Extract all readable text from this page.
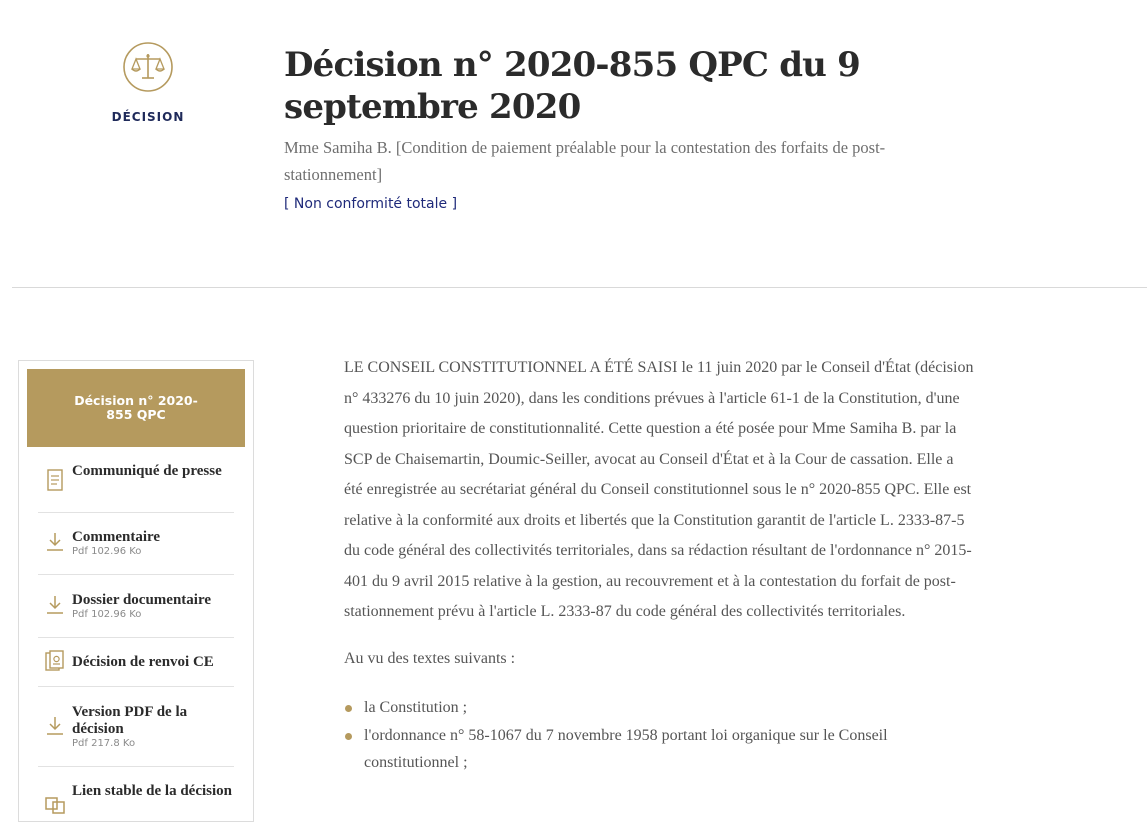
DÉCISION
Décision n° 2020-855 QPC du 9 septembre 2020
Mme Samiha B. [Condition de paiement préalable pour la contestation des forfaits de post-stationnement]
[ Non conformité totale ]
Décision n° 2020-855 QPC
Communiqué de presse
Commentaire
Pdf 102.96 Ko
Dossier documentaire
Pdf 102.96 Ko
Décision de renvoi CE
Version PDF de la décision
Pdf 217.8 Ko
Lien stable de la décision

LE CONSEIL CONSTITUTIONNEL A ÉTÉ SAISI le 11 juin 2020 par le Conseil d'État (décision n° 433276 du 10 juin 2020), dans les conditions prévues à l'article 61-1 de la Constitution, d'une question prioritaire de constitutionnalité. Cette question a été posée pour Mme Samiha B. par la SCP de Chaisemartin, Doumic-Seiller, avocat au Conseil d'État et à la Cour de cassation. Elle a été enregistrée au secrétariat général du Conseil constitutionnel sous le n° 2020-855 QPC. Elle est relative à la conformité aux droits et libertés que la Constitution garantit de l'article L. 2333-87-5 du code général des collectivités territoriales, dans sa rédaction résultant de l'ordonnance n° 2015-401 du 9 avril 2015 relative à la gestion, au recouvrement et à la contestation du forfait de post-stationnement prévu à l'article L. 2333-87 du code général des collectivités territoriales.

Au vu des textes suivants :

la Constitution ;
l'ordonnance n° 58-1067 du 7 novembre 1958 portant loi organique sur le Conseil constitutionnel ;
